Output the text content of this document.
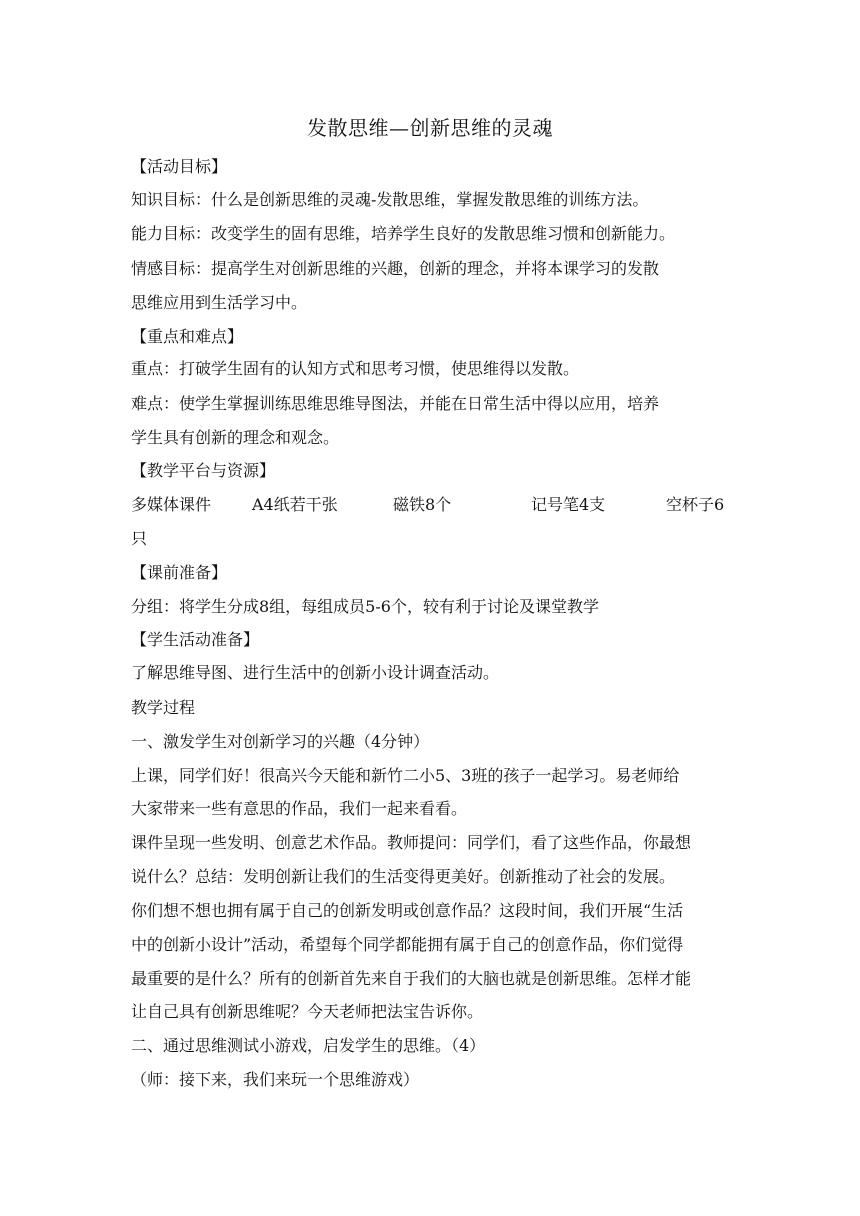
发散思维—创新思维的灵魂
【活动目标】
知识目标：什么是创新思维的灵魂-发散思维，掌握发散思维的训练方法。
能力目标：改变学生的固有思维，培养学生良好的发散思维习惯和创新能力。
情感目标：提高学生对创新思维的兴趣，创新的理念，并将本课学习的发散
思维应用到生活学习中。
【重点和难点】
重点：打破学生固有的认知方式和思考习惯，使思维得以发散。
难点：使学生掌握训练思维思维导图法，并能在日常生活中得以应用，培养
学生具有创新的理念和观念。
【教学平台与资源】
多媒体课件	A4纸若干张	磁铁8个	记号笔4支	空杯子6
只
【课前准备】
分组：将学生分成8组，每组成员5-6个，较有利于讨论及课堂教学
【学生活动准备】
了解思维导图、进行生活中的创新小设计调查活动。
教学过程
一、激发学生对创新学习的兴趣（4分钟）
上课，同学们好！很高兴今天能和新竹二小5、3班的孩子一起学习。易老师给
大家带来一些有意思的作品，我们一起来看看。
课件呈现一些发明、创意艺术作品。教师提问：同学们，看了这些作品，你最想
说什么？总结：发明创新让我们的生活变得更美好。创新推动了社会的发展。
你们想不想也拥有属于自己的创新发明或创意作品？这段时间，我们开展“生活
中的创新小设计”活动，希望每个同学都能拥有属于自己的创意作品，你们觉得
最重要的是什么？所有的创新首先来自于我们的大脑也就是创新思维。怎样才能
让自己具有创新思维呢？今天老师把法宝告诉你。
二、通过思维测试小游戏，启发学生的思维。（4）
（师：接下来，我们来玩一个思维游戏）
